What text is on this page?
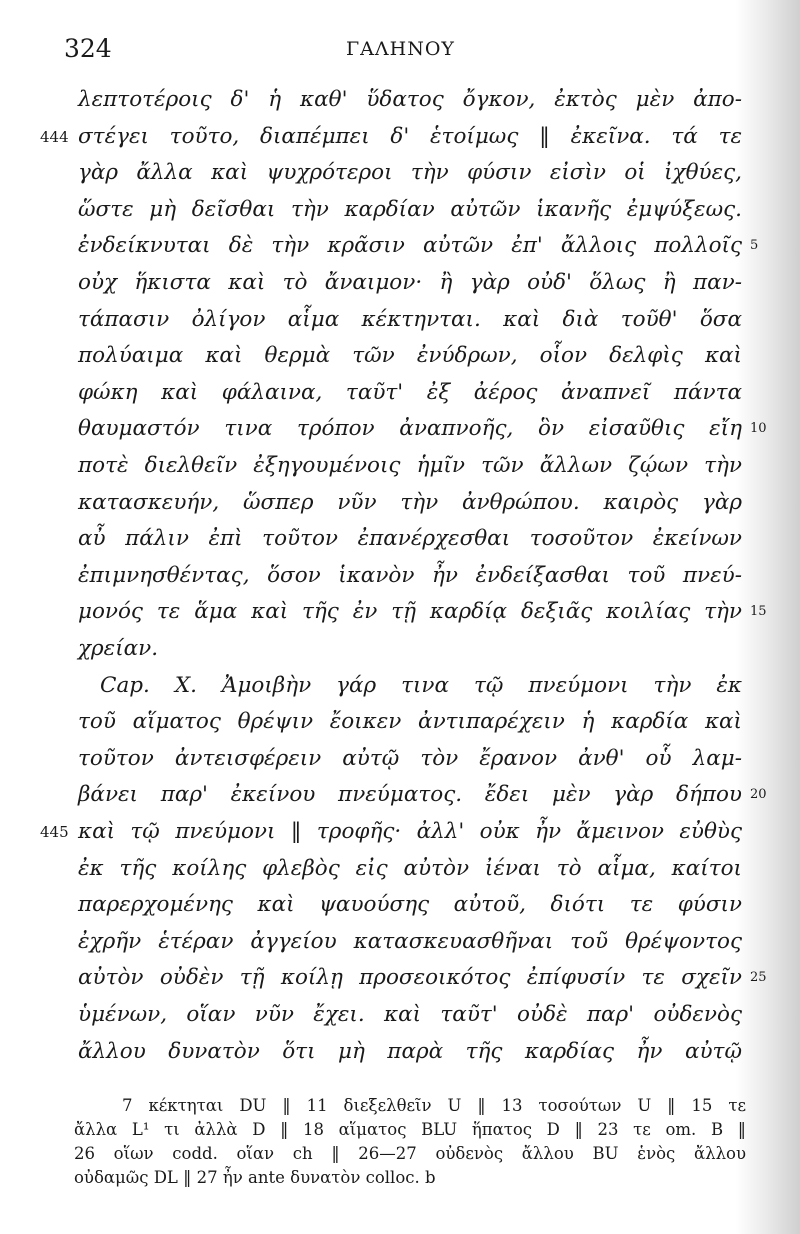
324	ΓΑΛΗΝΟΥ
λεπτοτέροις δ' ἡ καθ' ὕδατος ὄγκον, ἐκτὸς μὲν ἀπο-
στέγει τοῦτο, διαπέμπει δ' ἑτοίμως ‖ ἐκεῖνα. τά τε
444
γὰρ ἄλλα καὶ ψυχρότεροι τὴν φύσιν εἰσὶν οἱ ἰχθύες,
ὥστε μὴ δεῖσθαι τὴν καρδίαν αὐτῶν ἱκανῆς ἐμψύξεως.
ἐνδείκνυται δὲ τὴν κρᾶσιν αὐτῶν ἐπ' ἄλλοις πολλοῖς 5
οὐχ ἥκιστα καὶ τὸ ἄναιμον· ἢ γὰρ οὐδ' ὅλως ἢ παν-
τάπασιν ὀλίγον αἷμα κέκτηνται. καὶ διὰ τοῦθ' ὅσα
πολύαιμα καὶ θερμὰ τῶν ἐνύδρων, οἷον δελφὶς καὶ
φώκη καὶ φάλαινα, ταῦτ' ἐξ ἀέρος ἀναπνεῖ πάντα
θαυμαστόν τινα τρόπον ἀναπνοῆς, ὃν εἰσαῦθις εἴη 10
ποτὲ διελθεῖν ἐξηγουμένοις ἡμῖν τῶν ἄλλων ζῴων τὴν
κατασκευήν, ὥσπερ νῦν τὴν ἀνθρώπου. καιρὸς γὰρ
αὖ πάλιν ἐπὶ τοῦτον ἐπανέρχεσθαι τοσοῦτον ἐκείνων
ἐπιμνησθέντας, ὅσον ἱκανὸν ἦν ἐνδείξασθαι τοῦ πνεύ-
μονός τε ἅμα καὶ τῆς ἐν τῇ καρδίᾳ δεξιᾶς κοιλίας τὴν 15
χρείαν.
Cap. X. Ἀμοιβὴν γάρ τινα τῷ πνεύμονι τὴν ἐκ
τοῦ αἵματος θρέψιν ἔοικεν ἀντιπαρέχειν ἡ καρδία καὶ
τοῦτον ἀντεισφέρειν αὐτῷ τὸν ἔρανον ἀνθ' οὗ λαμ-
βάνει παρ' ἐκείνου πνεύματος. ἔδει μὲν γὰρ δήπου 20
καὶ τῷ πνεύμονι ‖ τροφῆς· ἀλλ' οὐκ ἦν ἄμεινον εὐθὺς
445
ἐκ τῆς κοίλης φλεβὸς εἰς αὐτὸν ἰέναι τὸ αἷμα, καίτοι
παρερχομένης καὶ ψαυούσης αὐτοῦ, διότι τε φύσιν
ἐχρῆν ἑτέραν ἀγγείου κατασκευασθῆναι τοῦ θρέψοντος
αὐτὸν οὐδὲν τῇ κοίλῃ προσεοικότος ἐπίφυσίν τε σχεῖν 25
ὑμένων, οἵαν νῦν ἔχει. καὶ ταῦτ' οὐδὲ παρ' οὐδενὸς
ἄλλου δυνατὸν ὅτι μὴ παρὰ τῆς καρδίας ἦν αὐτῷ
7 κέκτηται DU ‖ 11 διεξελθεῖν U ‖ 13 τοσούτων U ‖ 15 τε
ἄλλα L¹ τι ἀλλὰ D ‖ 18 αἵματος BLU ἥπατος D ‖ 23 τε om. B ‖
26 οἵων codd. οἵαν ch ‖ 26—27 οὐδενὸς ἄλλου BU ἑνὸς ἄλλου
οὐδαμῶς DL ‖ 27 ἦν ante δυνατὸν colloc. b
